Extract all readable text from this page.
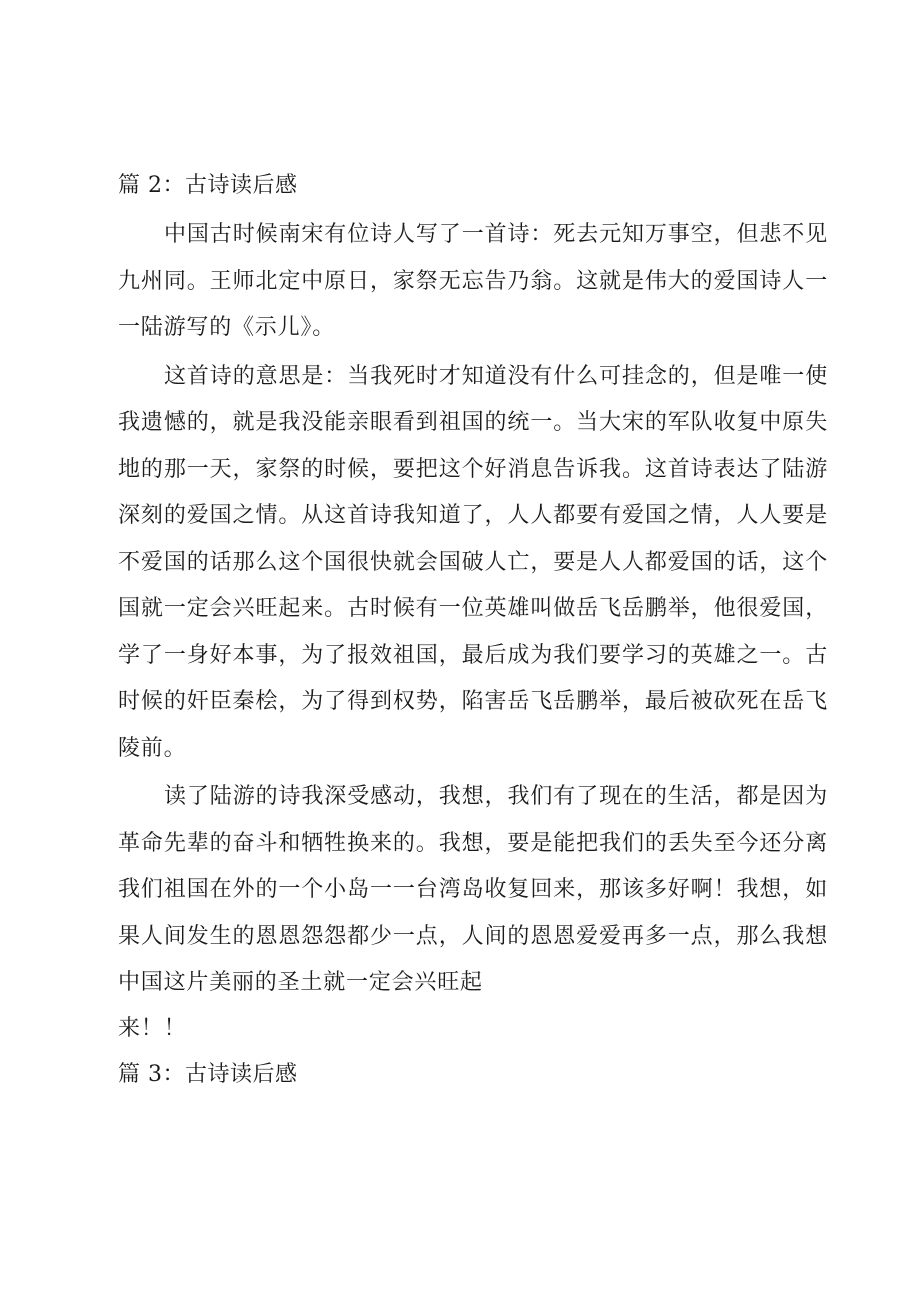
篇 2：古诗读后感

中国古时候南宋有位诗人写了一首诗：死去元知万事空，但悲不见九州同。王师北定中原日，家祭无忘告乃翁。这就是伟大的爱国诗人一一陆游写的《示儿》。

这首诗的意思是：当我死时才知道没有什么可挂念的，但是唯一使我遗憾的，就是我没能亲眼看到祖国的统一。当大宋的军队收复中原失地的那一天，家祭的时候，要把这个好消息告诉我。这首诗表达了陆游深刻的爱国之情。从这首诗我知道了，人人都要有爱国之情，人人要是不爱国的话那么这个国很快就会国破人亡，要是人人都爱国的话，这个国就一定会兴旺起来。古时候有一位英雄叫做岳飞岳鹏举，他很爱国，学了一身好本事，为了报效祖国，最后成为我们要学习的英雄之一。古时候的奸臣秦桧，为了得到权势，陷害岳飞岳鹏举，最后被砍死在岳飞陵前。

读了陆游的诗我深受感动，我想，我们有了现在的生活，都是因为革命先辈的奋斗和牺牲换来的。我想，要是能把我们的丢失至今还分离我们祖国在外的一个小岛一一台湾岛收复回来，那该多好啊！我想，如果人间发生的恩恩怨怨都少一点，人间的恩恩爱爱再多一点，那么我想中国这片美丽的圣土就一定会兴旺起

来！！

篇 3：古诗读后感
